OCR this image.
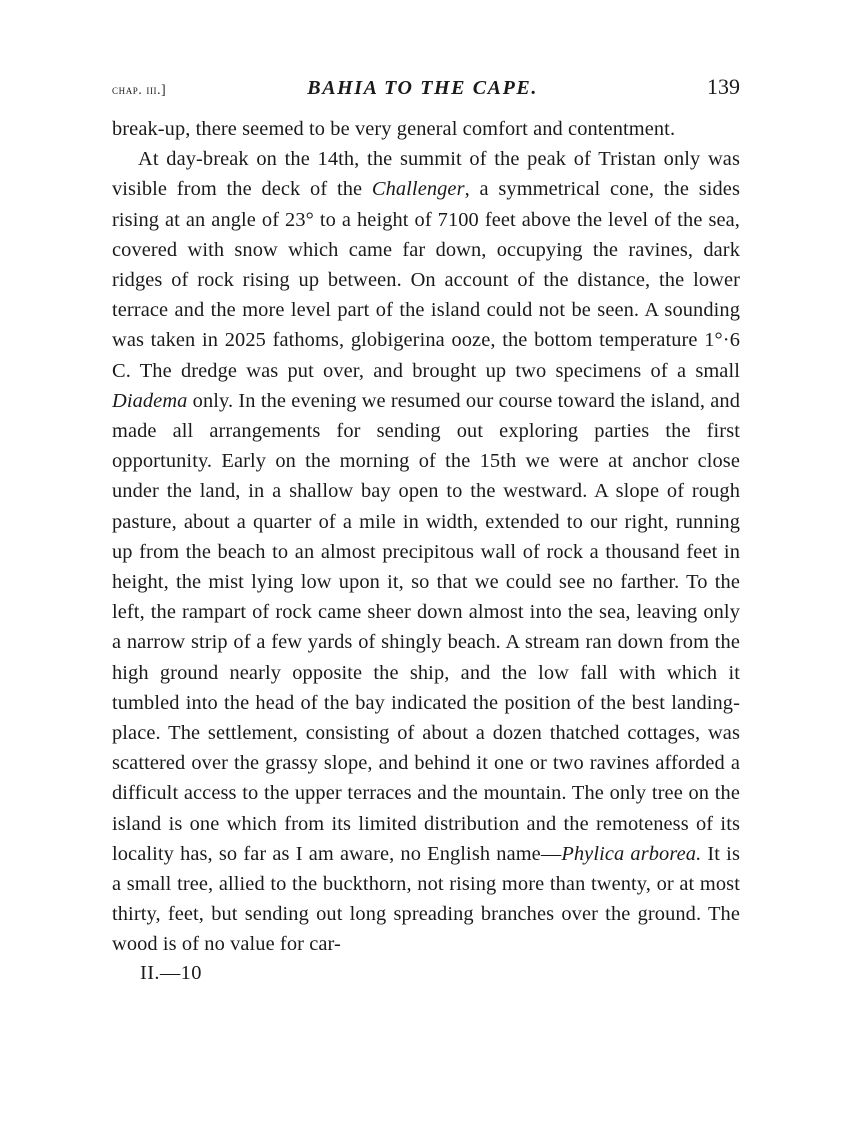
chap. iii.]	BAHIA TO THE CAPE.	139

break-up, there seemed to be very general comfort and contentment.

At day-break on the 14th, the summit of the peak of Tristan only was visible from the deck of the Challenger, a symmetrical cone, the sides rising at an angle of 23° to a height of 7100 feet above the level of the sea, covered with snow which came far down, occupying the ravines, dark ridges of rock rising up between. On account of the distance, the lower terrace and the more level part of the island could not be seen. A sounding was taken in 2025 fathoms, globigerina ooze, the bottom temperature 1°·6 C. The dredge was put over, and brought up two specimens of a small Diadema only. In the evening we resumed our course toward the island, and made all arrangements for sending out exploring parties the first opportunity. Early on the morning of the 15th we were at anchor close under the land, in a shallow bay open to the westward. A slope of rough pasture, about a quarter of a mile in width, extended to our right, running up from the beach to an almost precipitous wall of rock a thousand feet in height, the mist lying low upon it, so that we could see no farther. To the left, the rampart of rock came sheer down almost into the sea, leaving only a narrow strip of a few yards of shingly beach. A stream ran down from the high ground nearly opposite the ship, and the low fall with which it tumbled into the head of the bay indicated the position of the best landing-place. The settlement, consisting of about a dozen thatched cottages, was scattered over the grassy slope, and behind it one or two ravines afforded a difficult access to the upper terraces and the mountain. The only tree on the island is one which from its limited distribution and the remoteness of its locality has, so far as I am aware, no English name—Phylica arborea. It is a small tree, allied to the buckthorn, not rising more than twenty, or at most thirty, feet, but sending out long spreading branches over the ground. The wood is of no value for car-

II.—10
